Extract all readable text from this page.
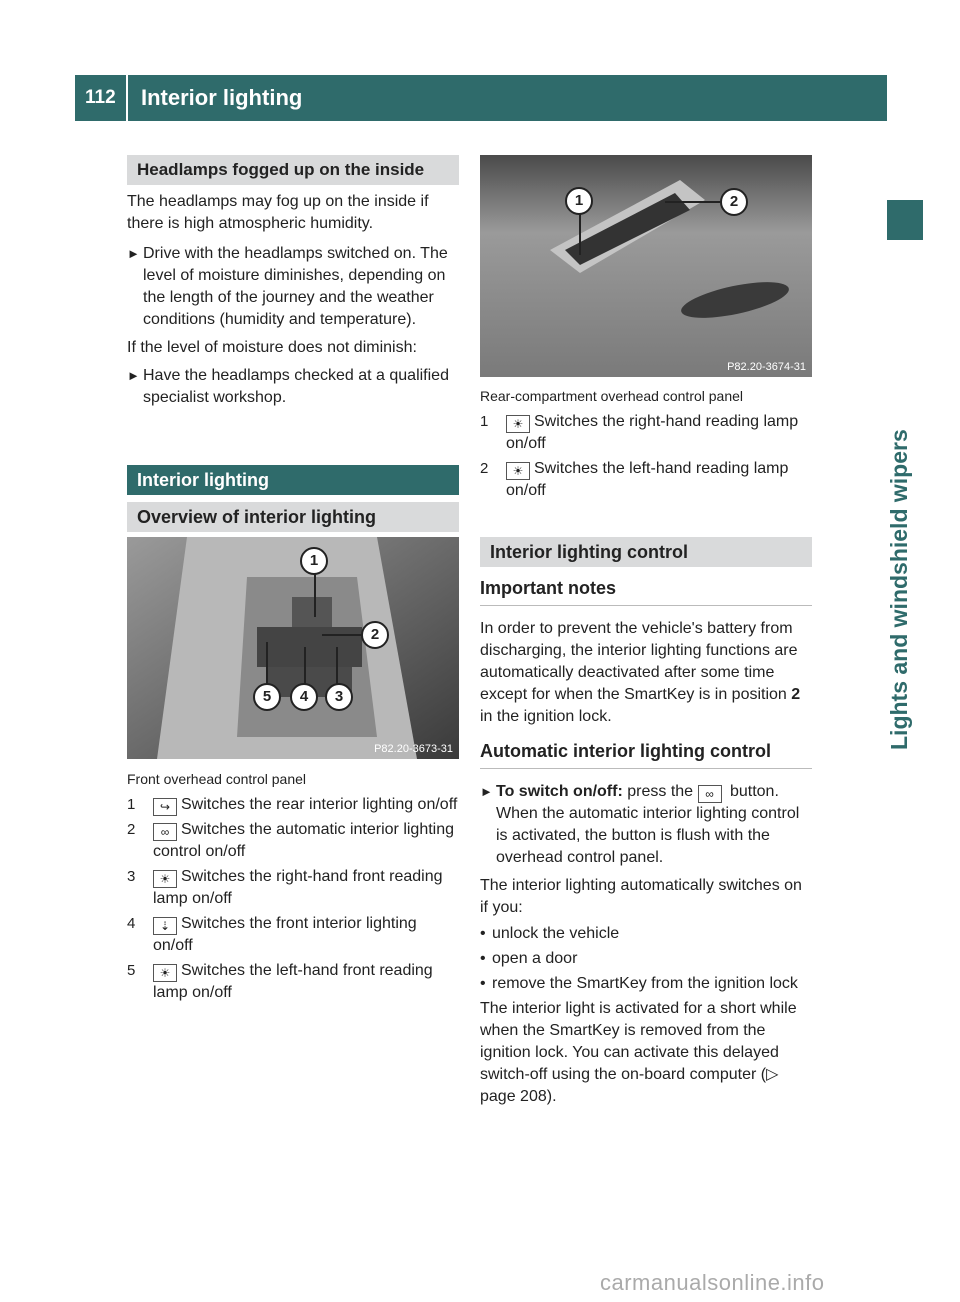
112 Interior lighting
Lights and windshield wipers
Headlamps fogged up on the inside

The headlamps may fog up on the inside if there is high atmospheric humidity.

► Drive with the headlamps switched on. The level of moisture diminishes, depending on the length of the journey and the weather conditions (humidity and temperature).

If the level of moisture does not diminish:

► Have the headlamps checked at a qualified specialist workshop.
Interior lighting
Overview of interior lighting
1
2
3
4
5
P82.20-3673-31

Front overhead control panel

1 ↪ Switches the rear interior lighting on/off
2 ∞ Switches the automatic interior lighting control on/off
3 ☀ Switches the right-hand front reading lamp on/off
4 ⇣ Switches the front interior lighting on/off
5 ☀ Switches the left-hand front reading lamp on/off
1	2
P82.20-3674-31

Rear-compartment overhead control panel

1 ☀ Switches the right-hand reading lamp on/off
2 ☀ Switches the left-hand reading lamp on/off
Interior lighting control
Important notes

In order to prevent the vehicle's battery from discharging, the interior lighting functions are automatically deactivated after some time except for when the SmartKey is in position 2 in the ignition lock.

Automatic interior lighting control
► To switch on/off: press the ∞ button. When the automatic interior lighting control is activated, the button is flush with the overhead control panel.

The interior lighting automatically switches on if you:

• unlock the vehicle
• open a door
• remove the SmartKey from the ignition lock

The interior light is activated for a short while when the SmartKey is removed from the ignition lock. You can activate this delayed switch-off using the on-board computer (▷ page 208).

carmanualsonline.info
